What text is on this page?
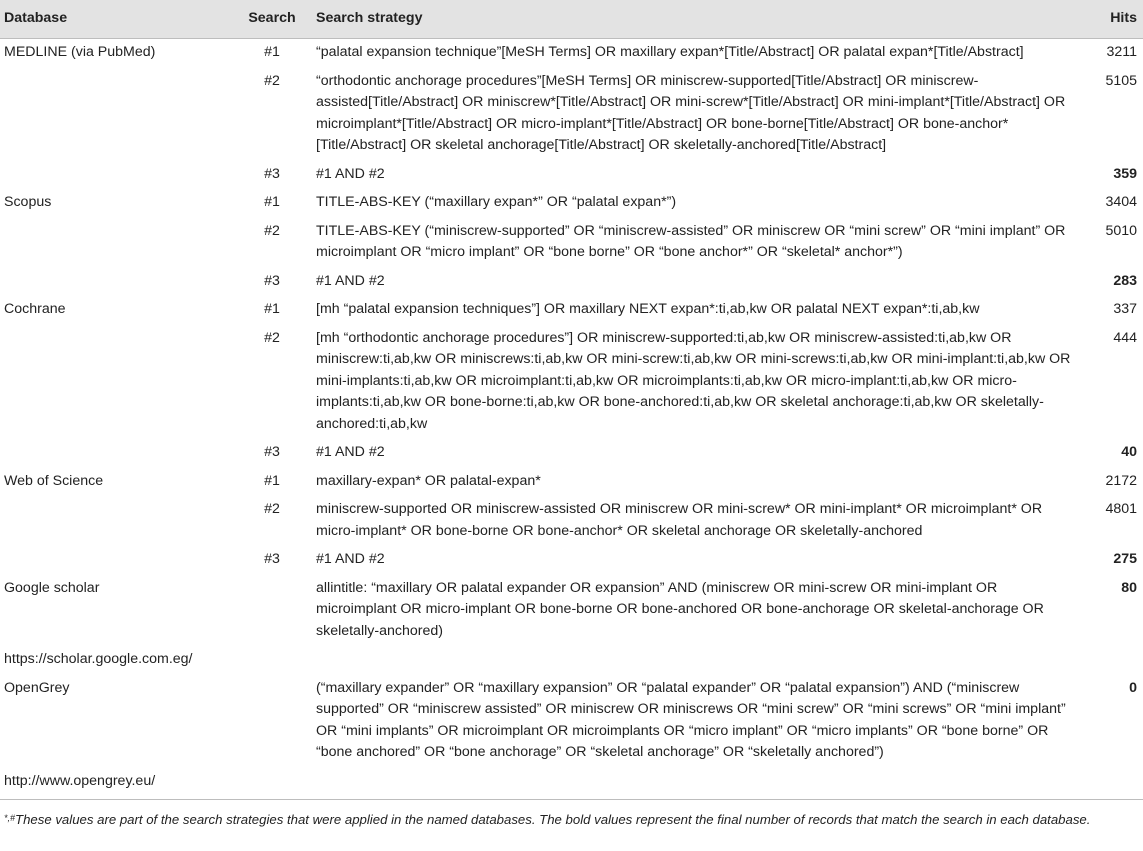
Database	Search	Search strategy	Hits
MEDLINE (via PubMed)	#1	“palatal expansion technique”[MeSH Terms] OR maxillary expan*[Title/Abstract] OR palatal expan*[Title/Abstract]	3211
	#2	“orthodontic anchorage procedures”[MeSH Terms] OR miniscrew-supported[Title/Abstract] OR miniscrew-assisted[Title/Abstract] OR miniscrew*[Title/Abstract] OR mini-screw*[Title/Abstract] OR mini-implant*[Title/Abstract] OR microimplant*[Title/Abstract] OR micro-implant*[Title/Abstract] OR bone-borne[Title/Abstract] OR bone-anchor*[Title/Abstract] OR skeletal anchorage[Title/Abstract] OR skeletally-anchored[Title/Abstract]	5105
	#3	#1 AND #2	359
Scopus	#1	TITLE-ABS-KEY (“maxillary expan*” OR “palatal expan*”)	3404
	#2	TITLE-ABS-KEY (“miniscrew-supported” OR “miniscrew-assisted” OR miniscrew OR “mini screw” OR “mini implant” OR microimplant OR “micro implant” OR “bone borne” OR “bone anchor*” OR “skeletal* anchor*”)	5010
	#3	#1 AND #2	283
Cochrane	#1	[mh “palatal expansion techniques”] OR maxillary NEXT expan*:ti,ab,kw OR palatal NEXT expan*:ti,ab,kw	337
	#2	[mh “orthodontic anchorage procedures”] OR miniscrew-supported:ti,ab,kw OR miniscrew-assisted:ti,ab,kw OR miniscrew:ti,ab,kw OR miniscrews:ti,ab,kw OR mini-screw:ti,ab,kw OR mini-screws:ti,ab,kw OR mini-implant:ti,ab,kw OR mini-implants:ti,ab,kw OR microimplant:ti,ab,kw OR microimplants:ti,ab,kw OR micro-implant:ti,ab,kw OR micro-implants:ti,ab,kw OR bone-borne:ti,ab,kw OR bone-anchored:ti,ab,kw OR skeletal anchorage:ti,ab,kw OR skeletally-anchored:ti,ab,kw	444
	#3	#1 AND #2	40
Web of Science	#1	maxillary-expan* OR palatal-expan*	2172
	#2	miniscrew-supported OR miniscrew-assisted OR miniscrew OR mini-screw* OR mini-implant* OR microimplant* OR micro-implant* OR bone-borne OR bone-anchor* OR skeletal anchorage OR skeletally-anchored	4801
	#3	#1 AND #2	275
Google scholar		allintitle: “maxillary OR palatal expander OR expansion” AND (miniscrew OR mini-screw OR mini-implant OR microimplant OR micro-implant OR bone-borne OR bone-anchored OR bone-anchorage OR skeletal-anchorage OR skeletally-anchored)	80
https://scholar.google.com.eg/			
OpenGrey		(“maxillary expander” OR “maxillary expansion” OR “palatal expander” OR “palatal expansion”) AND (“miniscrew supported” OR “miniscrew assisted” OR miniscrew OR miniscrews OR “mini screw” OR “mini screws” OR “mini implant” OR “mini implants” OR microimplant OR microimplants OR “micro implant” OR “micro implants” OR “bone borne” OR “bone anchored” OR “bone anchorage” OR “skeletal anchorage” OR “skeletally anchored”)	0
http://www.opengrey.eu/			
*,#These values are part of the search strategies that were applied in the named databases. The bold values represent the final number of records that match the search in each database.
